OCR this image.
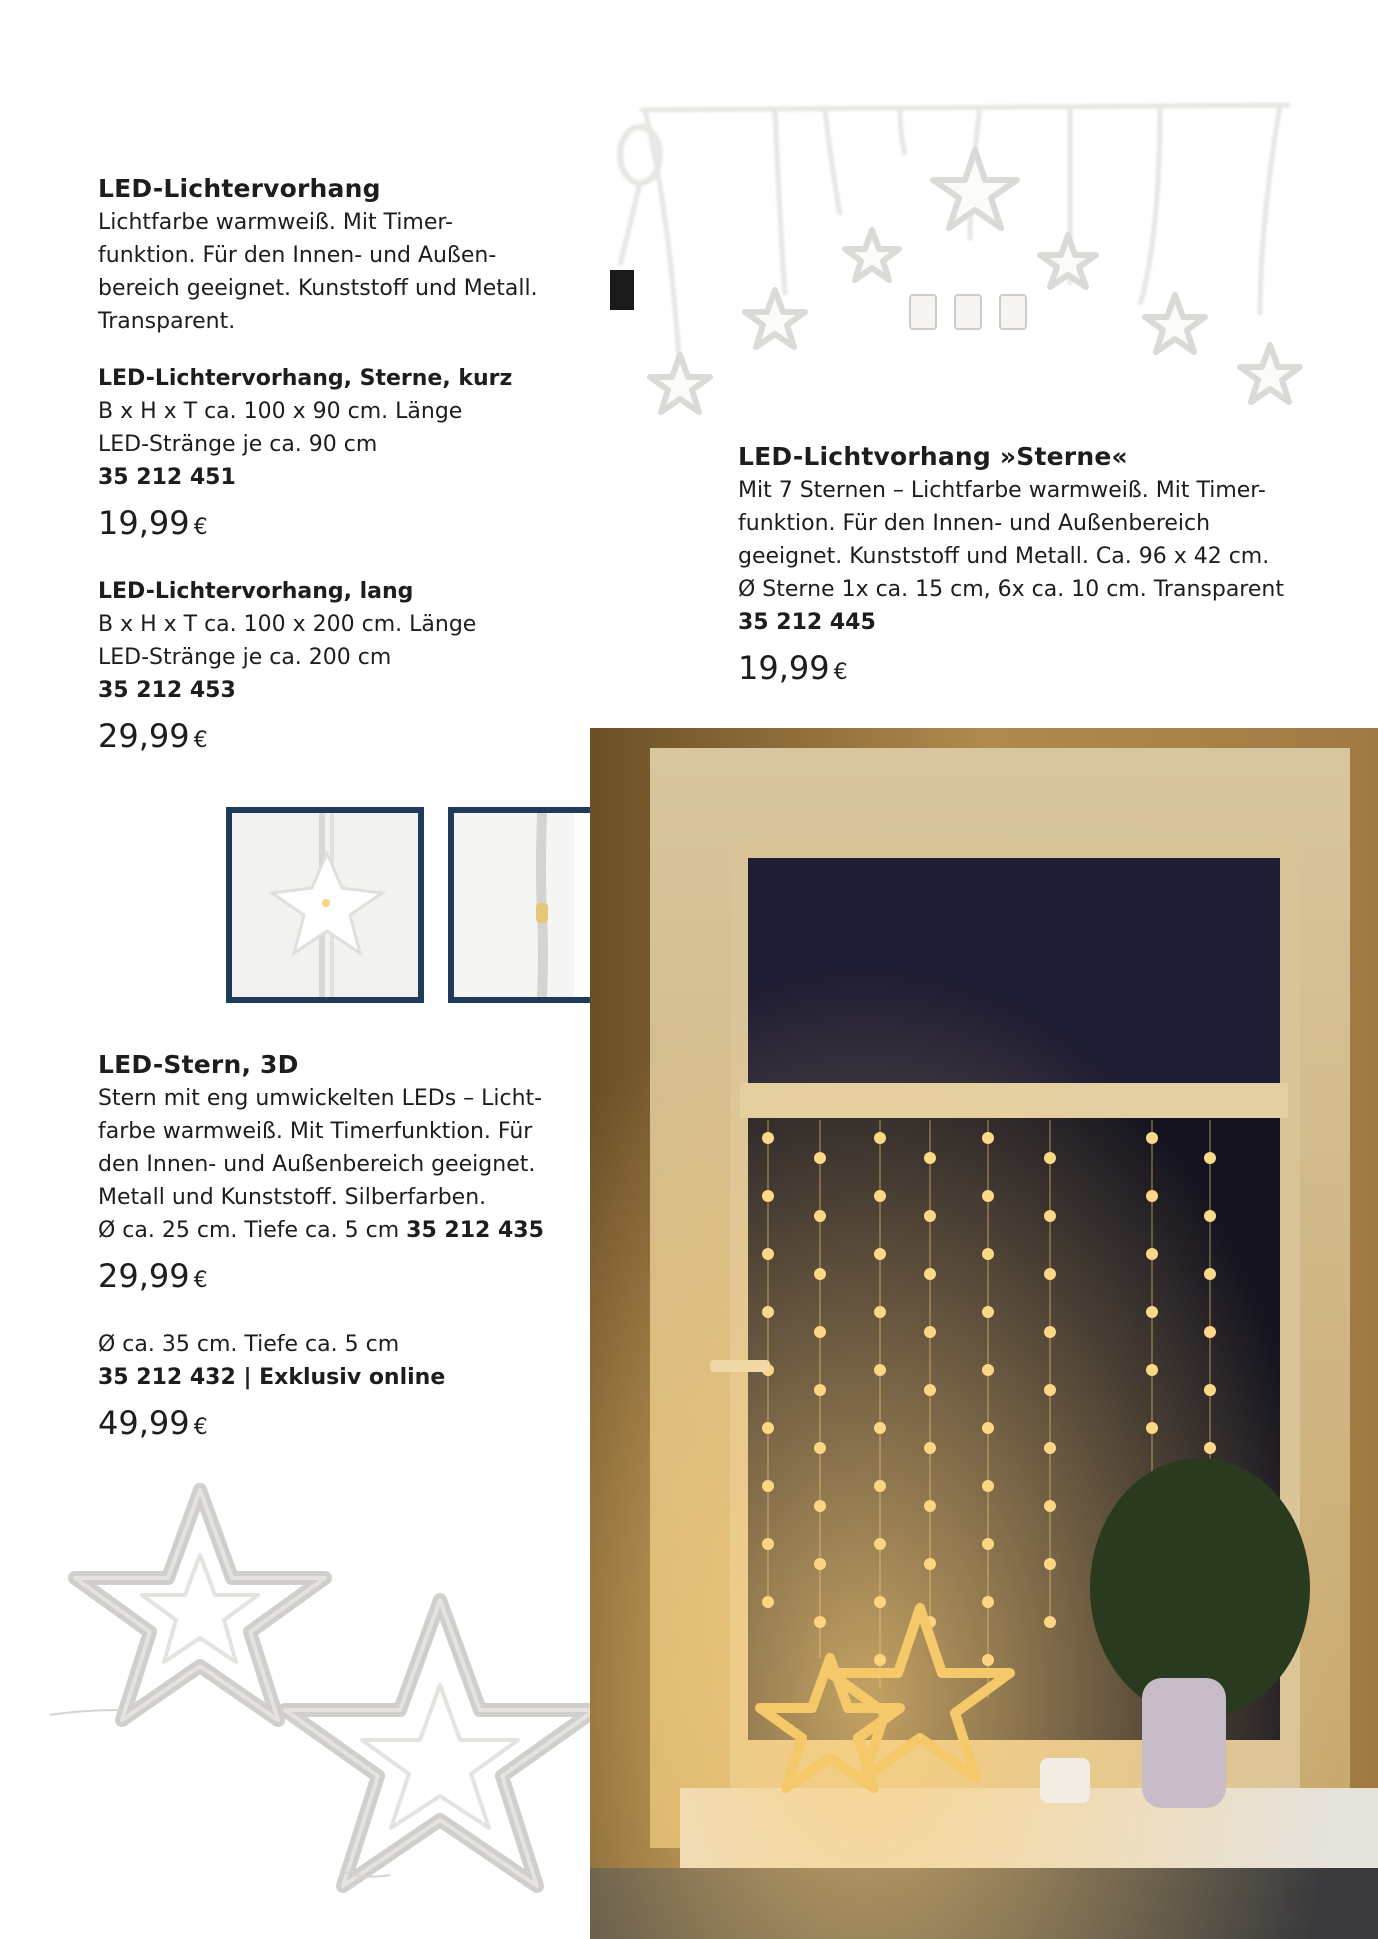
LED-Lichtervorhang
Lichtfarbe warmweiß. Mit Timer-
funktion. Für den Innen- und Außen-
bereich geeignet. Kunststoff und Metall.
Transparent.
LED-Lichtervorhang, Sterne, kurz
B x H x T ca. 100 x 90 cm. Länge
LED-Stränge je ca. 90 cm
35 212 451
19,99 €
LED-Lichtervorhang, lang
B x H x T ca. 100 x 200 cm. Länge
LED-Stränge je ca. 200 cm
35 212 453
29,99 €
LED-Lichtvorhang »Sterne«
Mit 7 Sternen – Lichtfarbe warmweiß. Mit Timer-
funktion. Für den Innen- und Außenbereich
geeignet. Kunststoff und Metall. Ca. 96 x 42 cm.
Ø Sterne 1x ca. 15 cm, 6x ca. 10 cm. Transparent
35 212 445
19,99 €
LED-Stern, 3D
Stern mit eng umwickelten LEDs – Licht-
farbe warmweiß. Mit Timerfunktion. Für
den Innen- und Außenbereich geeignet.
Metall und Kunststoff. Silberfarben.
Ø ca. 25 cm. Tiefe ca. 5 cm 35 212 435
29,99 €
Ø ca. 35 cm. Tiefe ca. 5 cm
35 212 432 | Exklusiv online
49,99 €
